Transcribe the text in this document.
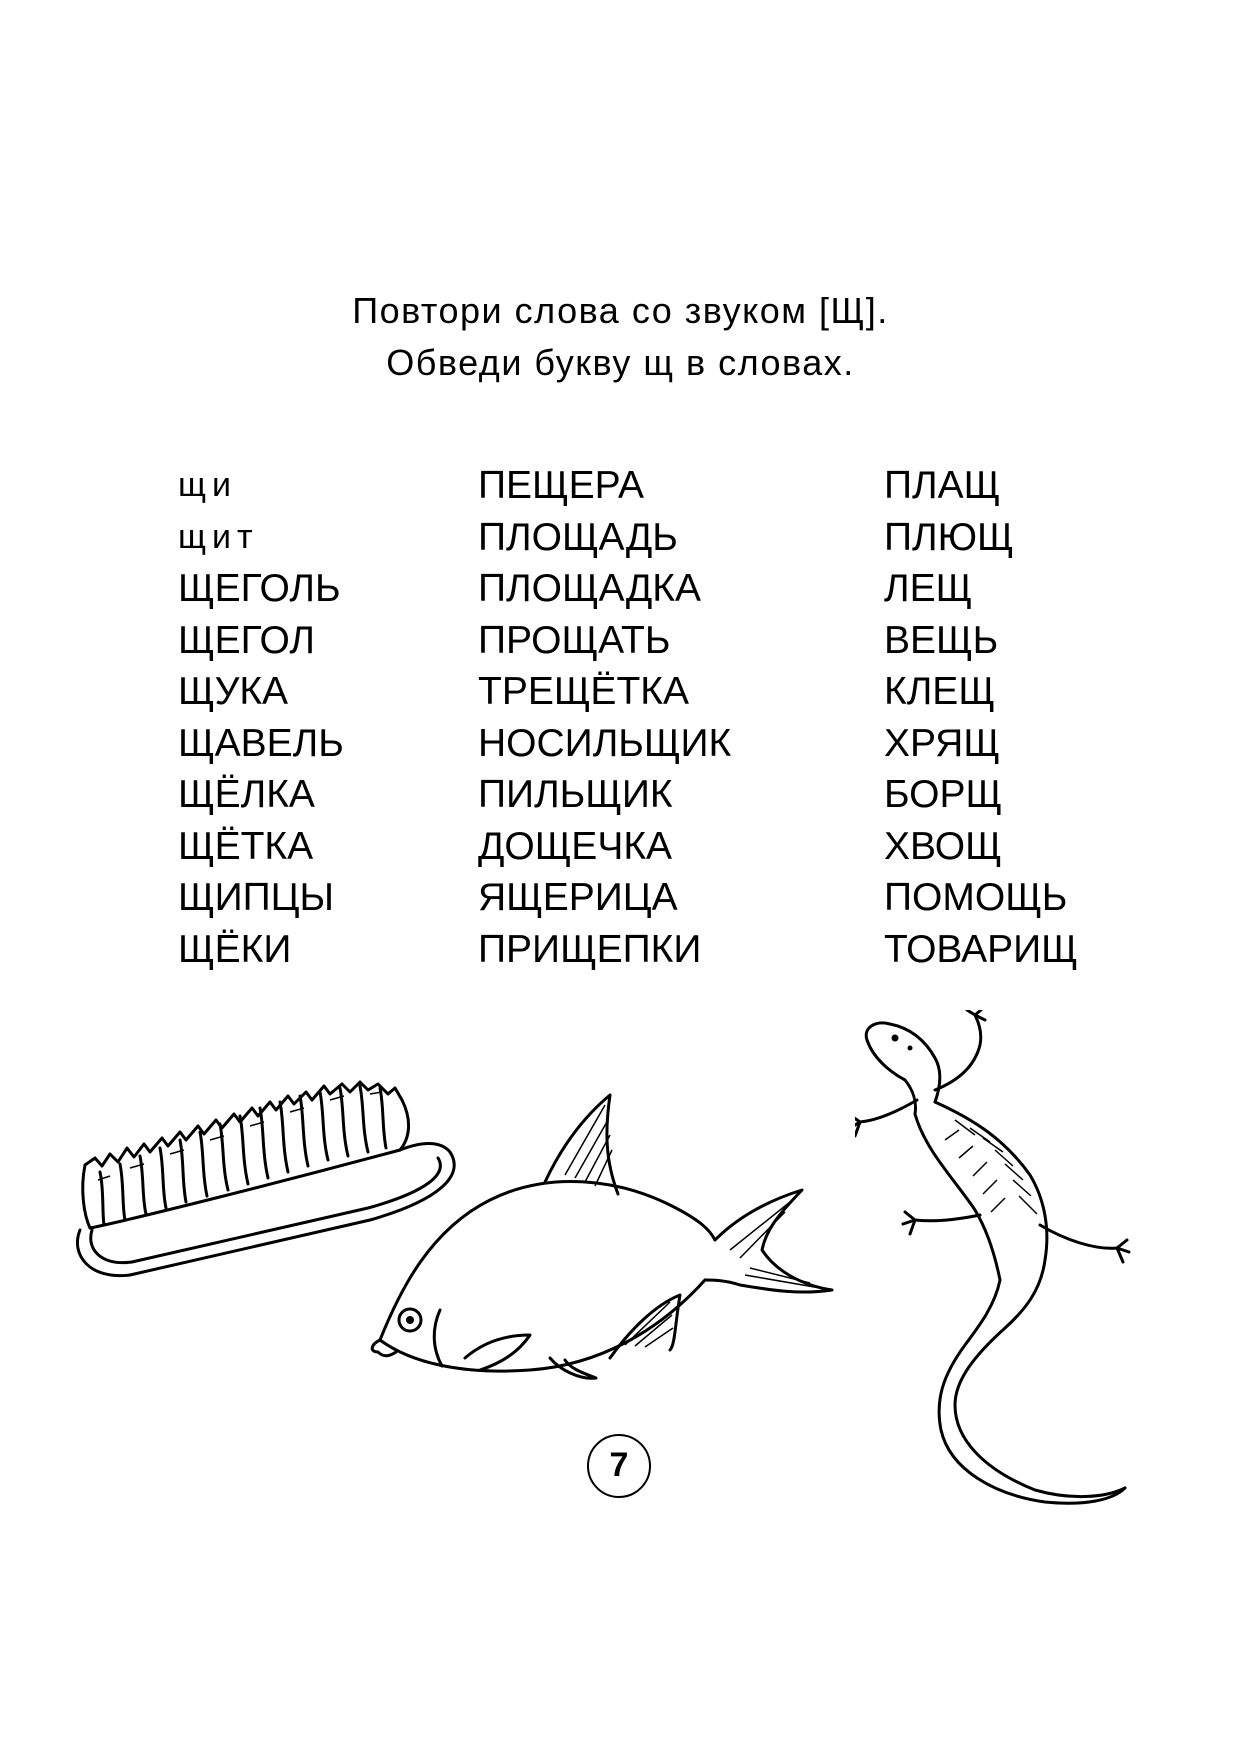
Повтори слова со звуком [Щ].
Обведи букву щ в словах.
щи
щит
ЩЕГОЛЬ
ЩЕГОЛ
ЩУКА
ЩАВЕЛЬ
ЩЁЛКА
ЩЁТКА
ЩИПЦЫ
ЩЁКИ
ПЕЩЕРА
ПЛОЩАДЬ
ПЛОЩАДКА
ПРОЩАТЬ
ТРЕЩЁТКА
НОСИЛЬЩИК
ПИЛЬЩИК
ДОЩЕЧКА
ЯЩЕРИЦА
ПРИЩЕПКИ
ПЛАЩ
ПЛЮЩ
ЛЕЩ
ВЕЩЬ
КЛЕЩ
ХРЯЩ
БОРЩ
ХВОЩ
ПОМОЩЬ
ТОВАРИЩ
7
